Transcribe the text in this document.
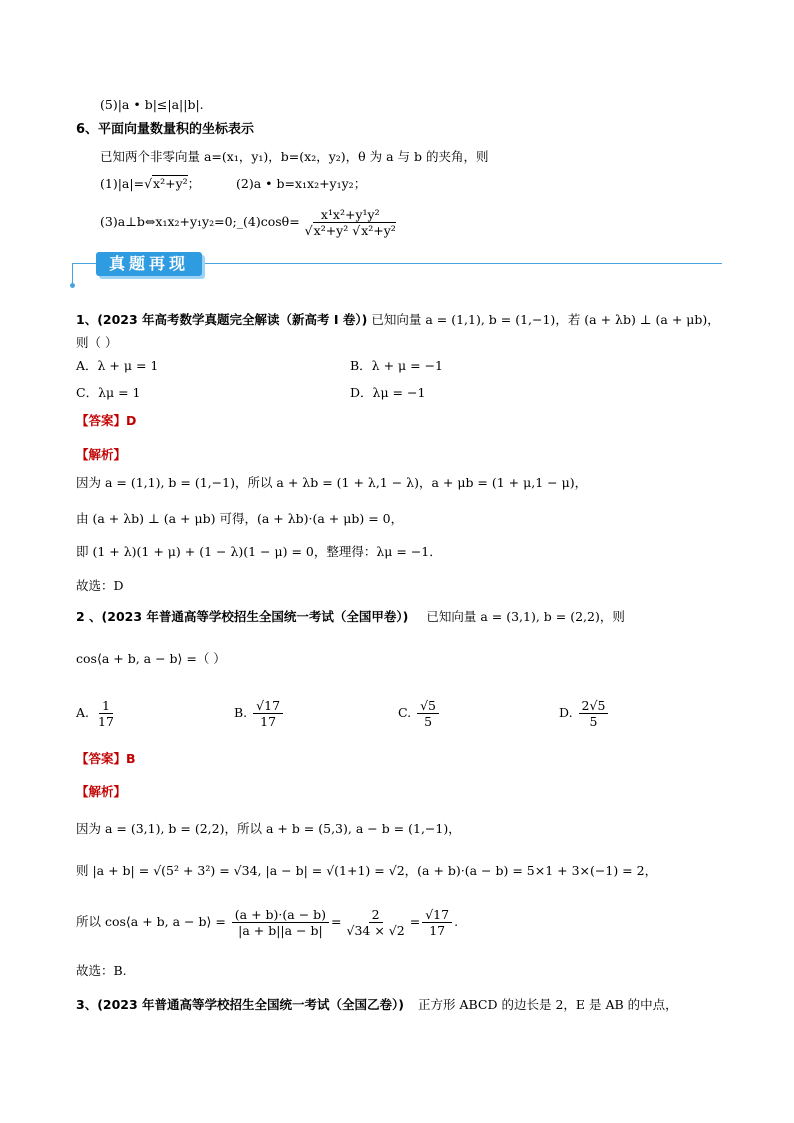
(5)|a • b|≤|a||b|.
6、平面向量数量积的坐标表示
已知两个非零向量 a=(x₁，y₁)，b=(x₂，y₂)，θ 为 a 与 b 的夹角，则
(1)|a|=√x²+y²；	(2)a • b=x₁x₂+y₁y₂；
(3)a⊥b⇔x₁x₂+y₁y₂=0;_(4)cosθ= $\frac{\text{x¹x²+y¹y²}}{\text{√x²+y² √x²+y²}}$
真题再现
1、(2023 年高考数学真题完全解读（新高考 I 卷）) 已知向量 a = (1,1), b = (1,−1)，若 (a + λb) ⊥ (a + μb)，
则（ ）
A．λ + μ = 1	B．λ + μ = −1
C．λμ = 1	D．λμ = −1
【答案】D
【解析】
因为 a = (1,1), b = (1,−1)，所以 a + λb = (1 + λ,1 − λ)，a + μb = (1 + μ,1 − μ)，
由 (a + λb) ⊥ (a + μb) 可得，(a + λb)·(a + μb) = 0，
即 (1 + λ)(1 + μ) + (1 − λ)(1 − μ) = 0，整理得：λμ = −1．
故选：D
2 、(2023 年普通高等学校招生全国统一考试（全国甲卷）) 已知向量 a = (3,1), b = (2,2)，则
cos⟨a + b, a − b⟩ =（ ）
A. $\frac{1}{17}$	B. $\frac{√17}{17}$	C. $\frac{√5}{5}$	D. $\frac{2√5}{5}$
【答案】B
【解析】
因为 a = (3,1), b = (2,2)，所以 a + b = (5,3), a − b = (1,−1)，
则 |a + b| = √(5² + 3²) = √34, |a − b| = √(1+1) = √2，(a + b)·(a − b) = 5×1 + 3×(−1) = 2，
所以 cos⟨a + b, a − b⟩ = $\frac{(a + b)\cdot(a - b)}{|a + b||a - b|} = \frac{2}{√34 \times √2} = \frac{√17}{17}$ .
故选：B.
3、(2023 年普通高等学校招生全国统一考试（全国乙卷）) 正方形 ABCD 的边长是 2，E 是 AB 的中点，
